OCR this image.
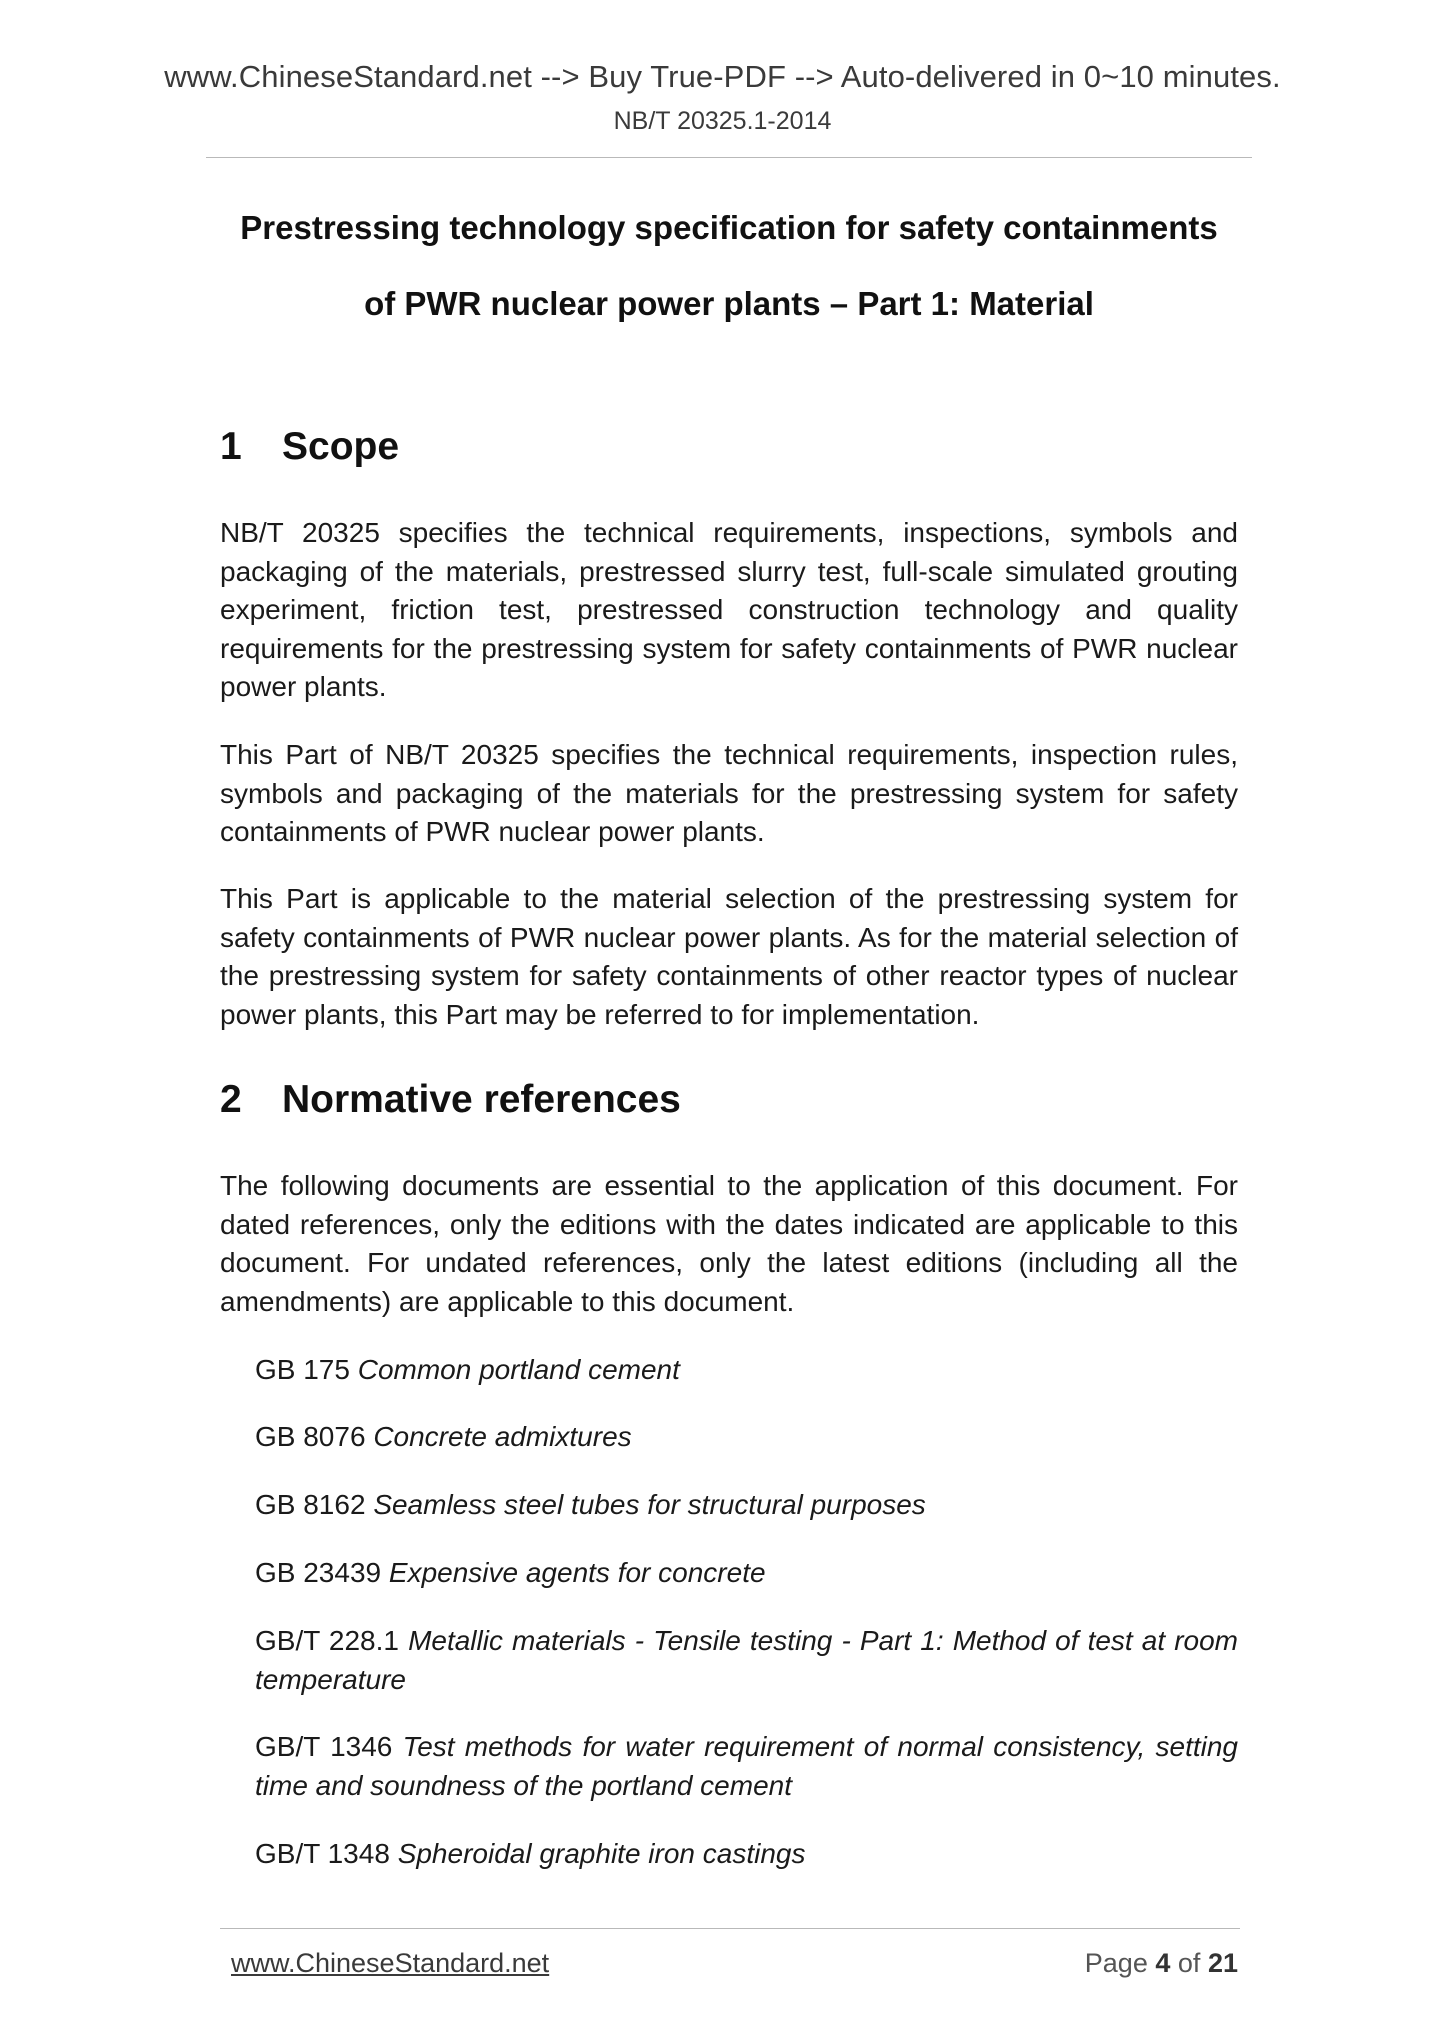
www.ChineseStandard.net --> Buy True-PDF --> Auto-delivered in 0~10 minutes.
NB/T 20325.1-2014
Prestressing technology specification for safety containments
of PWR nuclear power plants – Part 1: Material
1 Scope
NB/T 20325 specifies the technical requirements, inspections, symbols and packaging of the materials, prestressed slurry test, full-scale simulated grouting experiment, friction test, prestressed construction technology and quality requirements for the prestressing system for safety containments of PWR nuclear power plants.
This Part of NB/T 20325 specifies the technical requirements, inspection rules, symbols and packaging of the materials for the prestressing system for safety containments of PWR nuclear power plants.
This Part is applicable to the material selection of the prestressing system for safety containments of PWR nuclear power plants. As for the material selection of the prestressing system for safety containments of other reactor types of nuclear power plants, this Part may be referred to for implementation.
2 Normative references
The following documents are essential to the application of this document. For dated references, only the editions with the dates indicated are applicable to this document. For undated references, only the latest editions (including all the amendments) are applicable to this document.
GB 175 Common portland cement
GB 8076 Concrete admixtures
GB 8162 Seamless steel tubes for structural purposes
GB 23439 Expensive agents for concrete
GB/T 228.1 Metallic materials - Tensile testing - Part 1: Method of test at room temperature
GB/T 1346 Test methods for water requirement of normal consistency, setting time and soundness of the portland cement
GB/T 1348 Spheroidal graphite iron castings
www.ChineseStandard.net	Page 4 of 21
